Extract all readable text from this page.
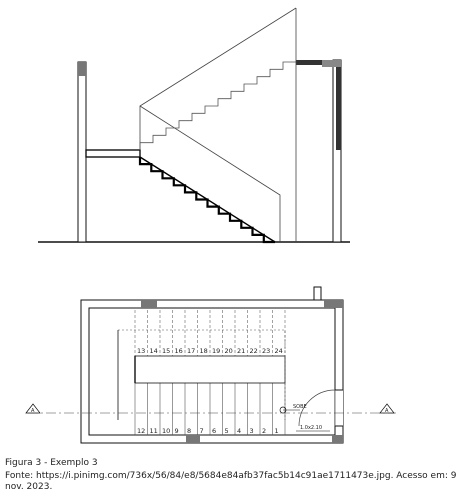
SOBE
1.0x2.10
13 14 15 16 17 18 19 20 21 22 23 24
12 11 10 9 8 7 6 5 4 3 2 1
A	A
Figura 3 - Exemplo 3
Fonte: https://i.pinimg.com/736x/56/84/e8/5684e84afb37fac5b14c91ae1711473e.jpg. Acesso em: 9 nov. 2023.
